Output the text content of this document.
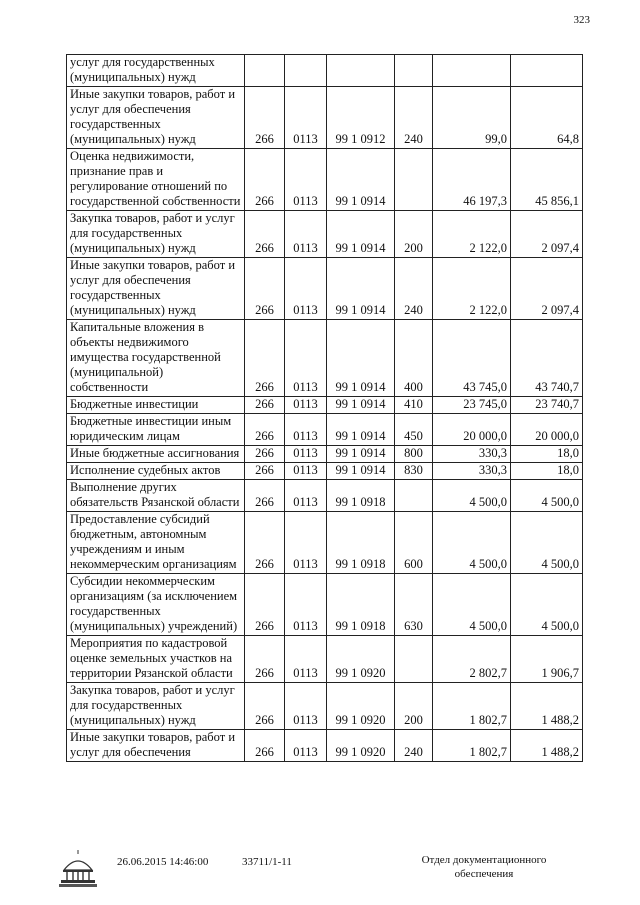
323
услуг для государственных (муниципальных) нужд						
Иные закупки товаров, работ и услуг для обеспечения государственных (муниципальных) нужд	266	0113	99 1 0912	240	99,0	64,8
Оценка недвижимости, признание прав и регулирование отношений по государственной собственности	266	0113	99 1 0914		46 197,3	45 856,1
Закупка товаров, работ и услуг для государственных (муниципальных) нужд	266	0113	99 1 0914	200	2 122,0	2 097,4
Иные закупки товаров, работ и услуг для обеспечения государственных (муниципальных) нужд	266	0113	99 1 0914	240	2 122,0	2 097,4
Капитальные вложения в объекты недвижимого имущества государственной (муниципальной) собственности	266	0113	99 1 0914	400	43 745,0	43 740,7
Бюджетные инвестиции	266	0113	99 1 0914	410	23 745,0	23 740,7
Бюджетные инвестиции иным юридическим лицам	266	0113	99 1 0914	450	20 000,0	20 000,0
Иные бюджетные ассигнования	266	0113	99 1 0914	800	330,3	18,0
Исполнение судебных актов	266	0113	99 1 0914	830	330,3	18,0
Выполнение других обязательств Рязанской области	266	0113	99 1 0918		4 500,0	4 500,0
Предоставление субсидий бюджетным, автономным учреждениям и иным некоммерческим организациям	266	0113	99 1 0918	600	4 500,0	4 500,0
Субсидии некоммерческим организациям (за исключением государственных (муниципальных) учреждений)	266	0113	99 1 0918	630	4 500,0	4 500,0
Мероприятия по кадастровой оценке земельных участков на территории Рязанской области	266	0113	99 1 0920		2 802,7	1 906,7
Закупка товаров, работ и услуг для государственных (муниципальных) нужд	266	0113	99 1 0920	200	1 802,7	1 488,2
Иные закупки товаров, работ и услуг для обеспечения	266	0113	99 1 0920	240	1 802,7	1 488,2
26.06.2015 14:46:00	33711/1-11	Отдел документационного обеспечения
